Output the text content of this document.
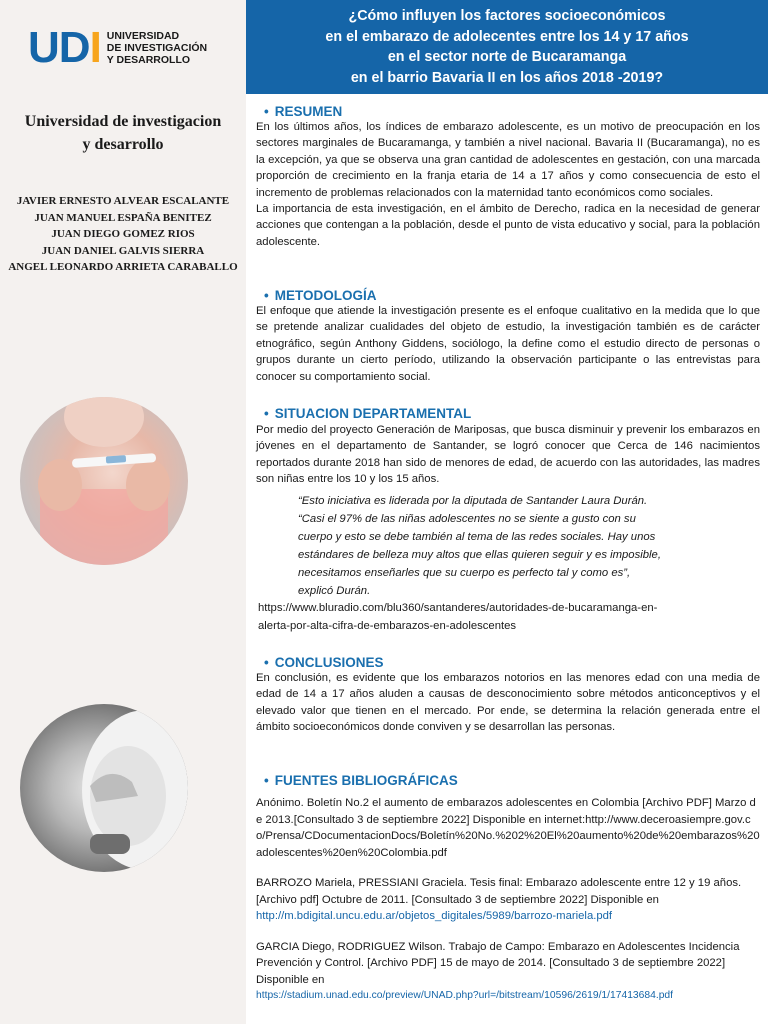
UDI UNIVERSIDAD
DE INVESTIGACIÓN
Y DESARROLLO
Universidad de investigacion
y desarrollo
JAVIER ERNESTO ALVEAR ESCALANTE
JUAN MANUEL ESPAÑA BENITEZ
JUAN DIEGO GOMEZ RIOS
JUAN DANIEL GALVIS SIERRA
ANGEL LEONARDO ARRIETA CARABALLO
¿Cómo influyen los factores socioeconómicos
en el embarazo de adolecentes entre los 14 y 17 años
en el sector norte de Bucaramanga
en el barrio Bavaria II en los años 2018 -2019?
• RESUMEN

En los últimos años, los índices de embarazo adolescente, es un motivo de preocupación en los sectores marginales de Bucaramanga, y también a nivel nacional. Bavaria II (Bucaramanga), no es la excepción, ya que se observa una gran cantidad de adolescentes en gestación, con una marcada proporción de crecimiento en la franja etaria de 14 a 17 años y como consecuencia de esto el incremento de problemas relacionados con la maternidad tanto económicos como sociales.

La importancia de esta investigación, en el ámbito de Derecho, radica en la necesidad de generar acciones que contengan a la población, desde el punto de vista educativo y social, para la población adolescente.

• METODOLOGÍA

El enfoque que atiende la investigación presente es el enfoque cualitativo en la medida que lo que se pretende analizar cualidades del objeto de estudio, la investigación también es de carácter etnográfico, según Anthony Giddens, sociólogo, la define como el estudio directo de personas o grupos durante un cierto período, utilizando la observación participante o las entrevistas para conocer su comportamiento social.

• SITUACION DEPARTAMENTAL

Por medio del proyecto Generación de Mariposas, que busca disminuir y prevenir los embarazos en jóvenes en el departamento de Santander, se logró conocer que Cerca de 146 nacimientos reportados durante 2018 han sido de menores de edad, de acuerdo con las autoridades, las madres son niñas entre los 10 y los 15 años.

“Esto iniciativa es liderada por la diputada de Santander Laura Durán.
“Casi el 97% de las niñas adolescentes no se siente a gusto con su
cuerpo y esto se debe también al tema de las redes sociales. Hay unos
estándares de belleza muy altos que ellas quieren seguir y es imposible,
necesitamos enseñarles que su cuerpo es perfecto tal y como es”,
explicó Durán.
https://www.bluradio.com/blu360/santanderes/autoridades-de-bucaramanga-en-
alerta-por-alta-cifra-de-embarazos-en-adolescentes
• CONCLUSIONES

En conclusión, es evidente que los embarazos notorios en las menores edad con una media de edad de 14 a 17 años aluden a causas de desconocimiento sobre métodos anticonceptivos y el elevado valor que tienen en el mercado. Por ende, se determina la relación generada entre el ámbito socioeconómicos donde conviven y se desarrollan las personas.

• FUENTES BIBLIOGRÁFICAS
Anónimo. Boletín No.2 el aumento de embarazos adolescentes en Colombia [Archivo PDF] Marzo de 2013.[Consultado 3 de septiembre 2022] Disponible en internet:http://www.deceroasiempre.gov.co/Prensa/CDocumentacionDocs/Boletín%20No.%202%20El%20aumento%20de%20embarazos%20adolescentes%20en%20Colombia.pdf
BARROZO Mariela, PRESSIANI Graciela. Tesis final: Embarazo adolescente entre 12 y 19 años. [Archivo pdf] Octubre de 2011. [Consultado 3 de septiembre 2022] Disponible en
http://m.bdigital.uncu.edu.ar/objetos_digitales/5989/barrozo-mariela.pdf
GARCIA Diego, RODRIGUEZ Wilson. Trabajo de Campo: Embarazo en Adolescentes Incidencia Prevención y Control. [Archivo PDF] 15 de mayo de 2014. [Consultado 3 de septiembre 2022] Disponible en
https://stadium.unad.edu.co/preview/UNAD.php?url=/bitstream/10596/2619/1/17413684.pdf
